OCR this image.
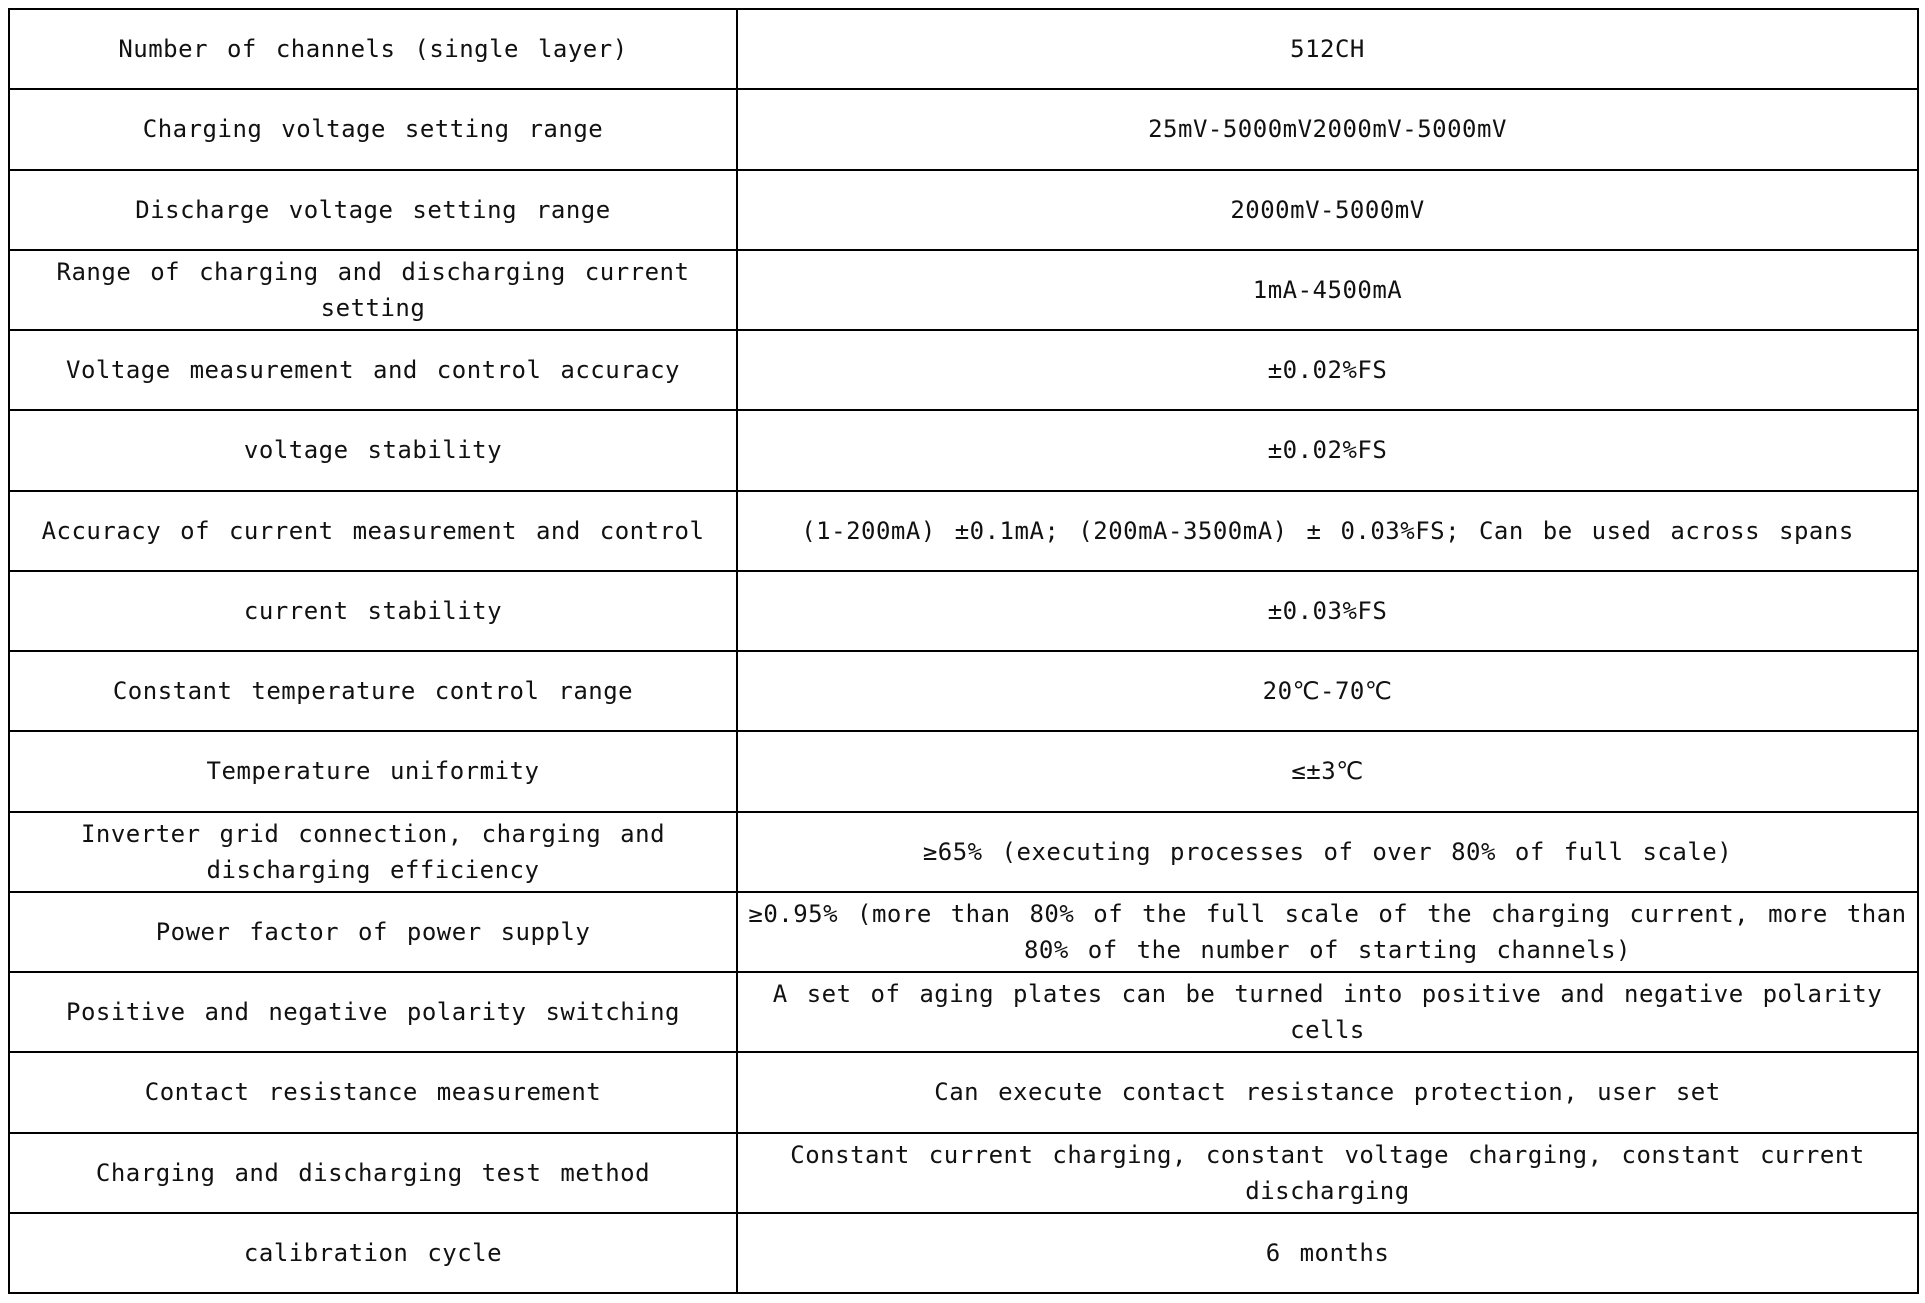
Number of channels (single layer)	512CH
Charging voltage setting range	25mV-5000mV2000mV-5000mV
Discharge voltage setting range	2000mV-5000mV
Range of charging and discharging current setting	1mA-4500mA
Voltage measurement and control accuracy	±0.02%FS
voltage stability	±0.02%FS
Accuracy of current measurement and control	(1-200mA) ±0.1mA; (200mA-3500mA) ± 0.03%FS; Can be used across spans
current stability	±0.03%FS
Constant temperature control range	20℃-70℃
Temperature uniformity	≤±3℃
Inverter grid connection, charging and discharging efficiency	≥65% (executing processes of over 80% of full scale)
Power factor of power supply	≥0.95% (more than 80% of the full scale of the charging current, more than 80% of the number of starting channels)
Positive and negative polarity switching	A set of aging plates can be turned into positive and negative polarity cells
Contact resistance measurement	Can execute contact resistance protection, user set
Charging and discharging test method	Constant current charging, constant voltage charging, constant current discharging
calibration cycle	6 months
